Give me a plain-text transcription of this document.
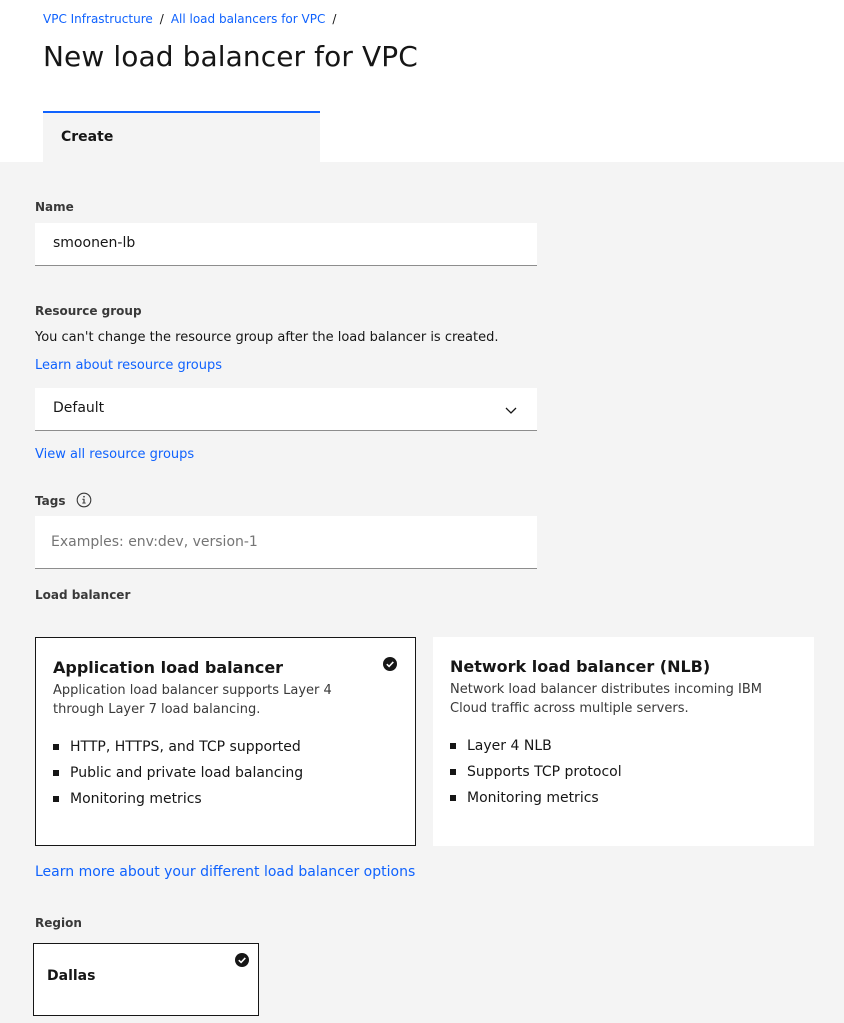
VPC Infrastructure / All load balancers for VPC /
New load balancer for VPC
Create
Name
smoonen-lb
Resource group
You can't change the resource group after the load balancer is created.
Learn about resource groups
Default
View all resource groups
Tags
Examples: env:dev, version-1
Load balancer
Application load balancer
Application load balancer supports Layer 4 through Layer 7 load balancing.
HTTP, HTTPS, and TCP supported
Public and private load balancing
Monitoring metrics
Network load balancer (NLB)
Network load balancer distributes incoming IBM Cloud traffic across multiple servers.
Layer 4 NLB
Supports TCP protocol
Monitoring metrics
Learn more about your different load balancer options
Region
Dallas
